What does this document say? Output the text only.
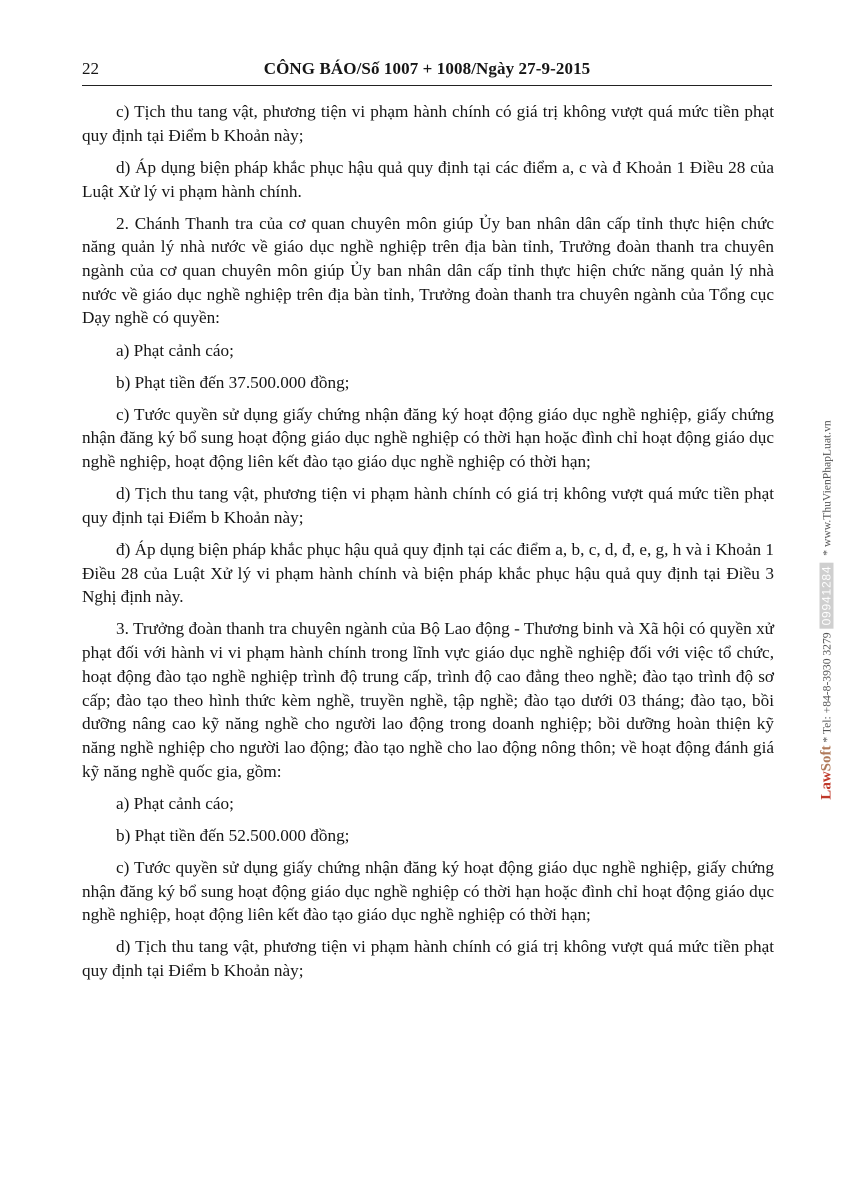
22	CÔNG BÁO/Số 1007 + 1008/Ngày 27-9-2015

c) Tịch thu tang vật, phương tiện vi phạm hành chính có giá trị không vượt quá mức tiền phạt quy định tại Điểm b Khoản này;

d) Áp dụng biện pháp khắc phục hậu quả quy định tại các điểm a, c và đ Khoản 1 Điều 28 của Luật Xử lý vi phạm hành chính.

2. Chánh Thanh tra của cơ quan chuyên môn giúp Ủy ban nhân dân cấp tỉnh thực hiện chức năng quản lý nhà nước về giáo dục nghề nghiệp trên địa bàn tỉnh, Trưởng đoàn thanh tra chuyên ngành của cơ quan chuyên môn giúp Ủy ban nhân dân cấp tỉnh thực hiện chức năng quản lý nhà nước về giáo dục nghề nghiệp trên địa bàn tỉnh, Trưởng đoàn thanh tra chuyên ngành của Tổng cục Dạy nghề có quyền:

a) Phạt cảnh cáo;

b) Phạt tiền đến 37.500.000 đồng;

c) Tước quyền sử dụng giấy chứng nhận đăng ký hoạt động giáo dục nghề nghiệp, giấy chứng nhận đăng ký bổ sung hoạt động giáo dục nghề nghiệp có thời hạn hoặc đình chỉ hoạt động giáo dục nghề nghiệp, hoạt động liên kết đào tạo giáo dục nghề nghiệp có thời hạn;

d) Tịch thu tang vật, phương tiện vi phạm hành chính có giá trị không vượt quá mức tiền phạt quy định tại Điểm b Khoản này;

đ) Áp dụng biện pháp khắc phục hậu quả quy định tại các điểm a, b, c, d, đ, e, g, h và i Khoản 1 Điều 28 của Luật Xử lý vi phạm hành chính và biện pháp khắc phục hậu quả quy định tại Điều 3 Nghị định này.

3. Trưởng đoàn thanh tra chuyên ngành của Bộ Lao động - Thương binh và Xã hội có quyền xử phạt đối với hành vi vi phạm hành chính trong lĩnh vực giáo dục nghề nghiệp đối với việc tổ chức, hoạt động đào tạo nghề nghiệp trình độ trung cấp, trình độ cao đẳng theo nghề; đào tạo trình độ sơ cấp; đào tạo theo hình thức kèm nghề, truyền nghề, tập nghề; đào tạo dưới 03 tháng; đào tạo, bồi dưỡng nâng cao kỹ năng nghề cho người lao động trong doanh nghiệp; bồi dưỡng hoàn thiện kỹ năng nghề nghiệp cho người lao động; đào tạo nghề cho lao động nông thôn; về hoạt động đánh giá kỹ năng nghề quốc gia, gồm:

a) Phạt cảnh cáo;

b) Phạt tiền đến 52.500.000 đồng;

c) Tước quyền sử dụng giấy chứng nhận đăng ký hoạt động giáo dục nghề nghiệp, giấy chứng nhận đăng ký bổ sung hoạt động giáo dục nghề nghiệp có thời hạn hoặc đình chỉ hoạt động giáo dục nghề nghiệp, hoạt động liên kết đào tạo giáo dục nghề nghiệp có thời hạn;

d) Tịch thu tang vật, phương tiện vi phạm hành chính có giá trị không vượt quá mức tiền phạt quy định tại Điểm b Khoản này;

LawSoft * Tel: +84-8-3930 327909941284 * www.ThuVienPhapLuat.vn
